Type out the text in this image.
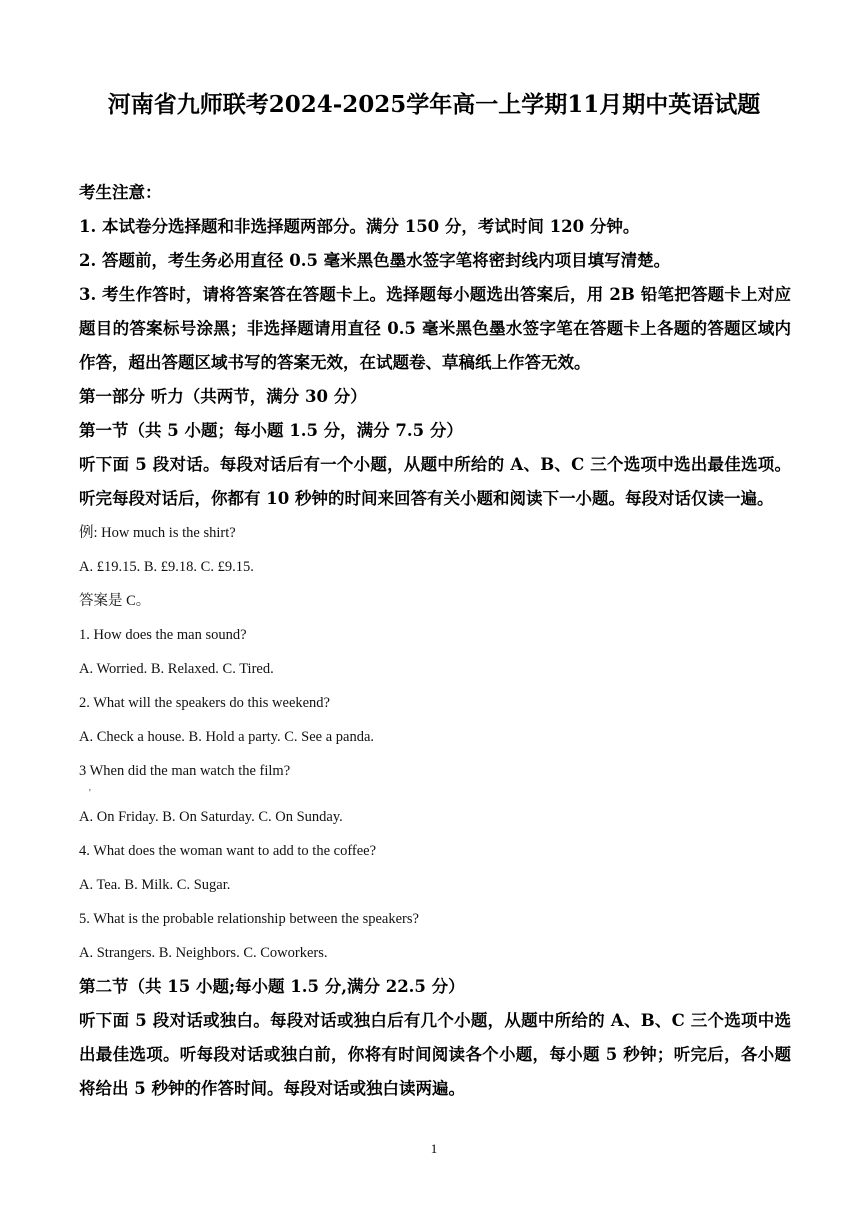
河南省九师联考2024-2025学年高一上学期11月期中英语试题
考生注意：
1. 本试卷分选择题和非选择题两部分。满分 150 分，考试时间 120 分钟。
2. 答题前，考生务必用直径 0.5 毫米黑色墨水签字笔将密封线内项目填写清楚。
3. 考生作答时，请将答案答在答题卡上。选择题每小题选出答案后，用 2B 铅笔把答题卡上对应题目的答案标号涂黑；非选择题请用直径 0.5 毫米黑色墨水签字笔在答题卡上各题的答题区域内作答，超出答题区域书写的答案无效，在试题卷、草稿纸上作答无效。
第一部分 听力（共两节，满分 30 分）
第一节（共 5 小题；每小题 1.5 分，满分 7.5 分）
听下面 5 段对话。每段对话后有一个小题，从题中所给的 A、B、C 三个选项中选出最佳选项。听完每段对话后，你都有 10 秒钟的时间来回答有关小题和阅读下一小题。每段对话仅读一遍。
例: How much is the shirt?
A. £19.15. B. £9.18. C. £9.15.
答案是 C。
1. How does the man sound?
A. Worried. B. Relaxed. C. Tired.
2. What will the speakers do this weekend?
A. Check a house. B. Hold a party. C. See a panda.
3 When did the man watch the film?
'
A. On Friday. B. On Saturday. C. On Sunday.
4. What does the woman want to add to the coffee?
A. Tea. B. Milk. C. Sugar.
5. What is the probable relationship between the speakers?
A. Strangers. B. Neighbors. C. Coworkers.
第二节（共 15 小题;每小题 1.5 分,满分 22.5 分）
听下面 5 段对话或独白。每段对话或独白后有几个小题，从题中所给的 A、B、C 三个选项中选出最佳选项。听每段对话或独白前，你将有时间阅读各个小题，每小题 5 秒钟；听完后，各小题将给出 5 秒钟的作答时间。每段对话或独白读两遍。
1
